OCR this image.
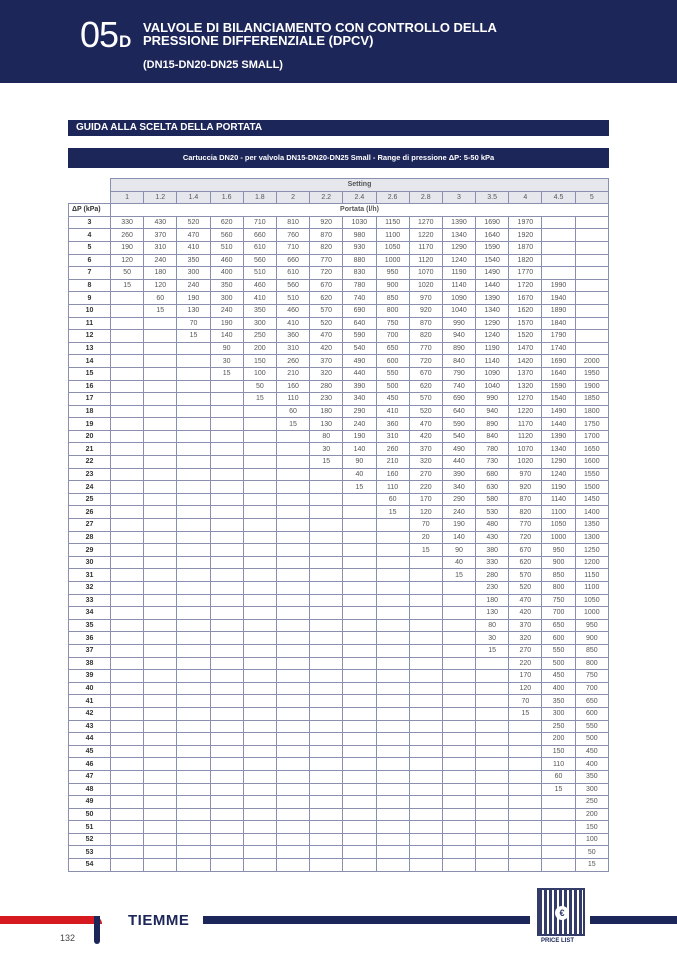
05D
VALVOLE DI BILANCIAMENTO CON CONTROLLO DELLA PRESSIONE DIFFERENZIALE (DPCV)
(DN15-DN20-DN25 SMALL)
GUIDA ALLA SCELTA DELLA PORTATA
Cartuccia DN20 - per valvola DN15-DN20-DN25 Small - Range di pressione ΔP: 5-50 kPa
	Setting														
	1	1.2	1.4	1.6	1.8	2	2.2	2.4	2.6	2.8	3	3.5	4	4.5	5
ΔP (kPa)	Portata (l/h)														
3	330	430	520	620	710	810	920	1030	1150	1270	1390	1690	1970		
4	260	370	470	560	660	760	870	980	1100	1220	1340	1640	1920		
5	190	310	410	510	610	710	820	930	1050	1170	1290	1590	1870		
6	120	240	350	460	560	660	770	880	1000	1120	1240	1540	1820		
7	50	180	300	400	510	610	720	830	950	1070	1190	1490	1770		
8	15	120	240	350	460	560	670	780	900	1020	1140	1440	1720	1990	
9		60	190	300	410	510	620	740	850	970	1090	1390	1670	1940	
10		15	130	240	350	460	570	690	800	920	1040	1340	1620	1890	
11			70	190	300	410	520	640	750	870	990	1290	1570	1840	
12			15	140	250	360	470	590	700	820	940	1240	1520	1790	
13				90	200	310	420	540	650	770	890	1190	1470	1740	
14				30	150	260	370	490	600	720	840	1140	1420	1690	2000
15				15	100	210	320	440	550	670	790	1090	1370	1640	1950
16					50	160	280	390	500	620	740	1040	1320	1590	1900
17					15	110	230	340	450	570	690	990	1270	1540	1850
18						60	180	290	410	520	640	940	1220	1490	1800
19						15	130	240	360	470	590	890	1170	1440	1750
20							80	190	310	420	540	840	1120	1390	1700
21							30	140	260	370	490	780	1070	1340	1650
22							15	90	210	320	440	730	1020	1290	1600
23								40	160	270	390	680	970	1240	1550
24								15	110	220	340	630	920	1190	1500
25									60	170	290	580	870	1140	1450
26									15	120	240	530	820	1100	1400
27										70	190	480	770	1050	1350
28										20	140	430	720	1000	1300
29										15	90	380	670	950	1250
30											40	330	620	900	1200
31											15	280	570	850	1150
32												230	520	800	1100
33												180	470	750	1050
34												130	420	700	1000
35												80	370	650	950
36												30	320	600	900
37												15	270	550	850
38													220	500	800
39													170	450	750
40													120	400	700
41													70	350	650
42													15	300	600
43														250	550
44														200	500
45														150	450
46														110	400
47														60	350
48														15	300
49															250
50															200
51															150
52															100
53															50
54															15
TIEMME
132
€
PRICE LIST
